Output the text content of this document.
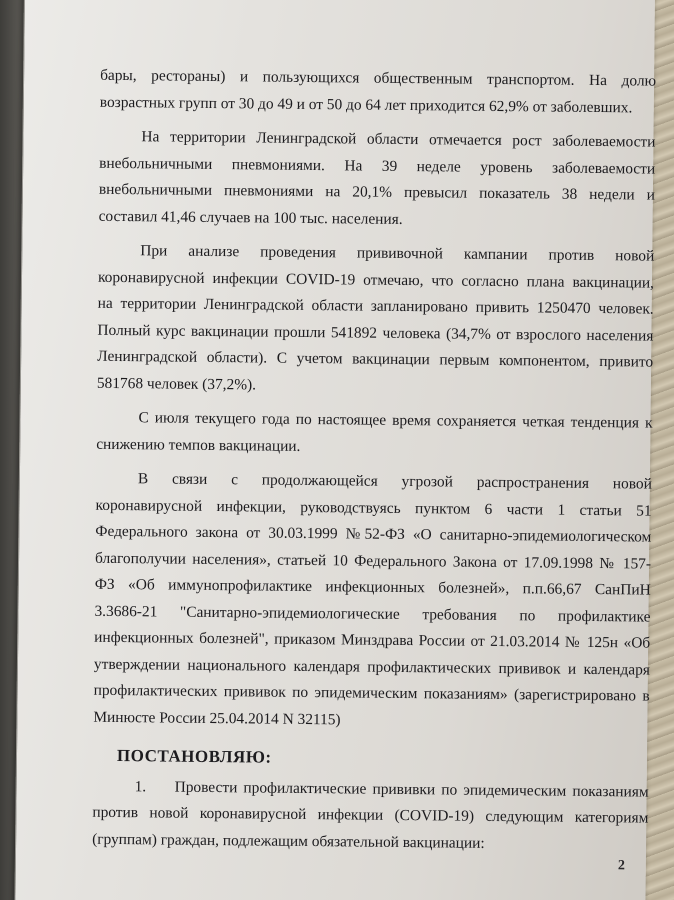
бары, рестораны) и пользующихся общественным транспортом. На долю
возрастных групп от 30 до 49 и от 50 до 64 лет приходится 62,9% от заболевших.
На территории Ленинградской области отмечается рост заболеваемости
внебольничными пневмониями. На 39 неделе уровень заболеваемости
внебольничными пневмониями на 20,1% превысил показатель 38 недели и
составил 41,46 случаев на 100 тыс. населения.
При анализе проведения прививочной кампании против новой
коронавирусной инфекции COVID-19 отмечаю, что согласно плана вакцинации,
на территории Ленинградской области запланировано привить 1250470 человек.
Полный курс вакцинации прошли 541892 человека (34,7% от взрослого населения
Ленинградской области). С учетом вакцинации первым компонентом, привито
581768 человек (37,2%).
С июля текущего года по настоящее время сохраняется четкая тенденция к
снижению темпов вакцинации.
В связи с продолжающейся угрозой распространения новой
коронавирусной инфекции, руководствуясь пунктом 6 части 1 статьи 51
Федерального закона от 30.03.1999 №52-ФЗ «О санитарно-эпидемиологическом
благополучии населения», статьей 10 Федерального Закона от 17.09.1998 № 157-
ФЗ «Об иммунопрофилактике инфекционных болезней», п.п.66,67 СанПиН
3.3686-21 "Санитарно-эпидемиологические требования по профилактике
инфекционных болезней", приказом Минздрава России от 21.03.2014 № 125н «Об
утверждении национального календаря профилактических прививок и календаря
профилактических прививок по эпидемическим показаниям» (зарегистрировано в
Минюсте России 25.04.2014 N 32115)
ПОСТАНОВЛЯЮ:
1. Провести профилактические прививки по эпидемическим показаниям
против новой коронавирусной инфекции (COVID-19) следующим категориям
(группам) граждан, подлежащим обязательной вакцинации:
2
